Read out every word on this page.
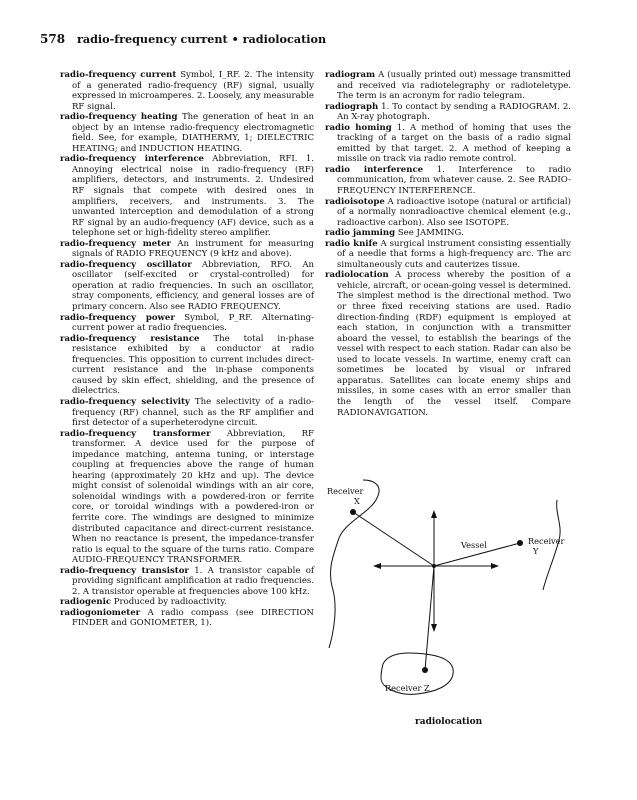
578 radio-frequency current • radiolocation

radio-frequency current Symbol, I_RF. 2. The intensity of a generated radio-frequency (RF) signal, usually expressed in microamperes. 2. Loosely, any measurable RF signal.

radio-frequency heating The generation of heat in an object by an intense radio-frequency electromagnetic field. See, for example, DIATHERMY, 1; DIELECTRIC HEATING; and INDUCTION HEATING.

radio-frequency interference Abbreviation, RFI. 1. Annoying electrical noise in radio-frequency (RF) amplifiers, detectors, and instruments. 2. Undesired RF signals that compete with desired ones in amplifiers, receivers, and instruments. 3. The unwanted interception and demodulation of a strong RF signal by an audio-frequency (AF) device, such as a telephone set or high-fidelity stereo amplifier.

radio-frequency meter An instrument for measuring signals of RADIO FREQUENCY (9 kHz and above).

radio-frequency oscillator Abbreviation, RFO. An oscillator (self-excited or crystal-controlled) for operation at radio frequencies. In such an oscillator, stray components, efficiency, and general losses are of primary concern. Also see RADIO FREQUENCY.

radio-frequency power Symbol, P_RF. Alternating-current power at radio frequencies.

radio-frequency resistance The total in-phase resistance exhibited by a conductor at radio frequencies. This opposition to current includes direct-current resistance and the in-phase components caused by skin effect, shielding, and the presence of dielectrics.

radio-frequency selectivity The selectivity of a radio-frequency (RF) channel, such as the RF amplifier and first detector of a superheterodyne circuit.

radio-frequency transformer Abbreviation, RF transformer. A device used for the purpose of impedance matching, antenna tuning, or interstage coupling at frequencies above the range of human hearing (approximately 20 kHz and up). The device might consist of solenoidal windings with an air core, solenoidal windings with a powdered-iron or ferrite core, or toroidal windings with a powdered-iron or ferrite core. The windings are designed to minimize distributed capacitance and direct-current resistance. When no reactance is present, the impedance-transfer ratio is equal to the square of the turns ratio. Compare AUDIO-FREQUENCY TRANSFORMER.

radio-frequency transistor 1. A transistor capable of providing significant amplification at radio frequencies. 2. A transistor operable at frequencies above 100 kHz.

radiogenic Produced by radioactivity.

radiogoniometer A radio compass (see DIRECTION FINDER and GONIOMETER, 1).

radiogram A (usually printed out) message transmitted and received via radiotelegraphy or radioteletype. The term is an acronym for radio telegram.

radiograph 1. To contact by sending a RADIOGRAM. 2. An X-ray photograph.

radio homing 1. A method of homing that uses the tracking of a target on the basis of a radio signal emitted by that target. 2. A method of keeping a missile on track via radio remote control.

radio interference 1. Interference to radio communication, from whatever cause. 2. See RADIO-FREQUENCY INTERFERENCE.

radioisotope A radioactive isotope (natural or artificial) of a normally nonradioactive chemical element (e.g., radioactive carbon). Also see ISOTOPE.

radio jamming See JAMMING.

radio knife A surgical instrument consisting essentially of a needle that forms a high-frequency arc. The arc simultaneously cuts and cauterizes tissue.

radiolocation A process whereby the position of a vehicle, aircraft, or ocean-going vessel is determined. The simplest method is the directional method. Two or three fixed receiving stations are used. Radio direction-finding (RDF) equipment is employed at each station, in conjunction with a transmitter aboard the vessel, to establish the bearings of the vessel with respect to each station. Radar can also be used to locate vessels. In wartime, enemy craft can sometimes be located by visual or infrared apparatus. Satellites can locate enemy ships and missiles, in some cases with an error smaller than the length of the vessel itself. Compare RADIONAVIGATION.

Receiver X
Receiver Y
Receiver Z
Vessel
radiolocation
